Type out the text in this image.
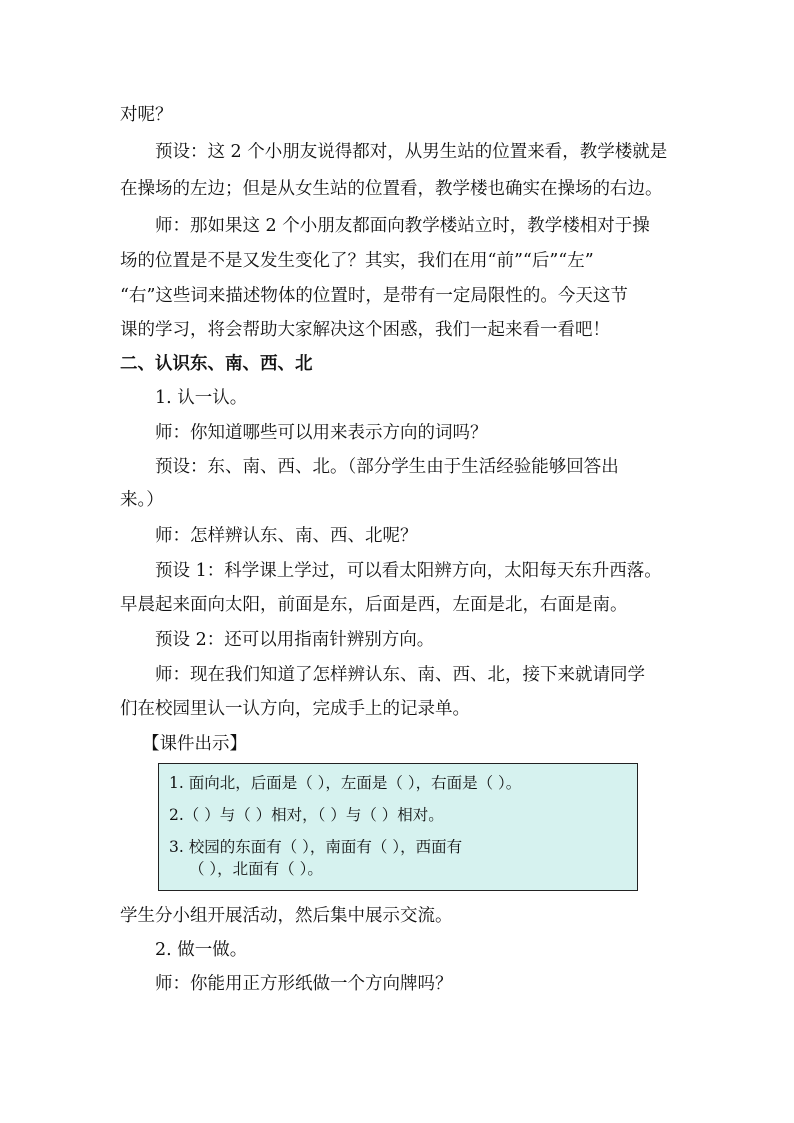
对呢？
预设：这 2 个小朋友说得都对，从男生站的位置来看，教学楼就是
在操场的左边；但是从女生站的位置看，教学楼也确实在操场的右边。
师：那如果这 2 个小朋友都面向教学楼站立时，教学楼相对于操
场的位置是不是又发生变化了？其实，我们在用“前”“后”“左”
“右”这些词来描述物体的位置时，是带有一定局限性的。今天这节
课的学习，将会帮助大家解决这个困惑，我们一起来看一看吧！
二、认识东、南、西、北
1. 认一认。
师：你知道哪些可以用来表示方向的词吗？
预设：东、南、西、北。（部分学生由于生活经验能够回答出
来。）
师：怎样辨认东、南、西、北呢？
预设 1：科学课上学过，可以看太阳辨方向，太阳每天东升西落。
早晨起来面向太阳，前面是东，后面是西，左面是北，右面是南。
预设 2：还可以用指南针辨别方向。
师：现在我们知道了怎样辨认东、南、西、北，接下来就请同学
们在校园里认一认方向，完成手上的记录单。
【课件出示】
1. 面向北，后面是（ ），左面是（ ），右面是（ ）。
2.（ ）与（ ）相对，（ ）与（ ）相对。
3. 校园的东面有（ ），南面有（ ），西面有
（ ），北面有（ ）。
学生分小组开展活动，然后集中展示交流。
2. 做一做。
师：你能用正方形纸做一个方向牌吗？
